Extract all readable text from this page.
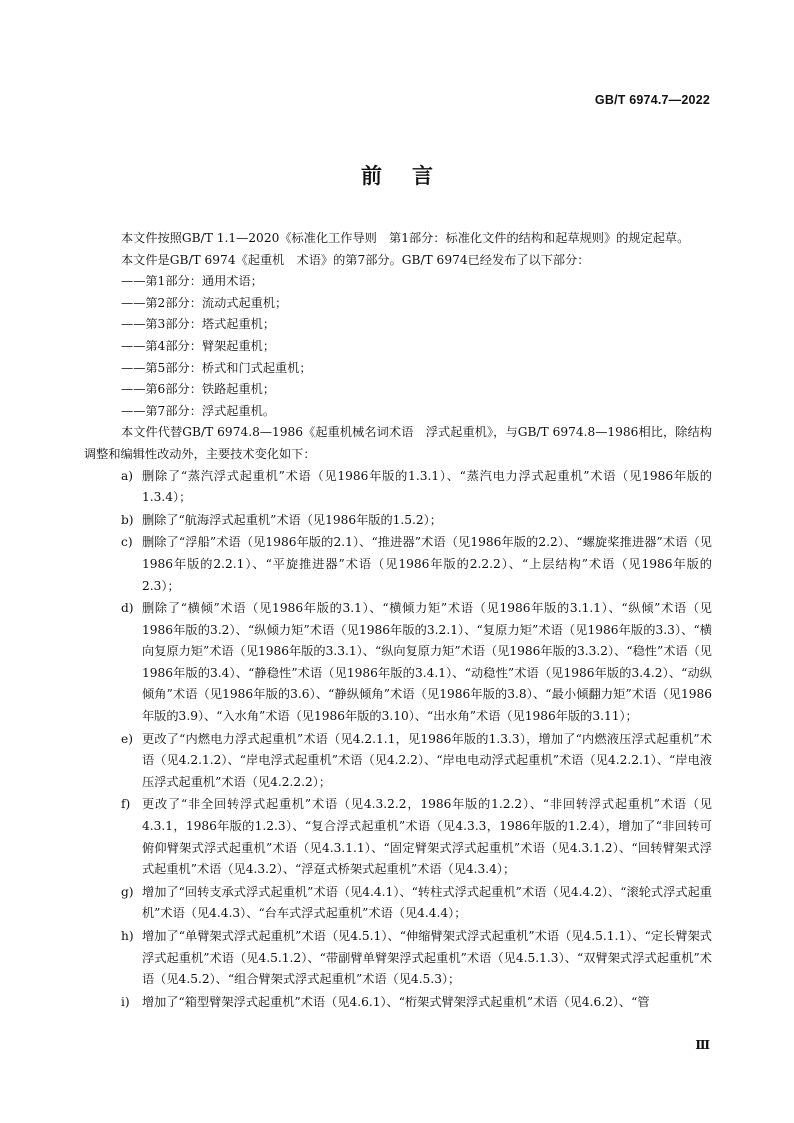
GB/T 6974.7—2022
前言

本文件按照GB/T 1.1—2020《标准化工作导则　第1部分：标准化文件的结构和起草规则》的规定起草。

本文件是GB/T 6974《起重机　术语》的第7部分。GB/T 6974已经发布了以下部分：

——第1部分：通用术语；

——第2部分：流动式起重机；

——第3部分：塔式起重机；

——第4部分：臂架起重机；

——第5部分：桥式和门式起重机；

——第6部分：铁路起重机；

——第7部分：浮式起重机。

本文件代替GB/T 6974.8—1986《起重机械名词术语　浮式起重机》，与GB/T 6974.8—1986相比，除结构调整和编辑性改动外，主要技术变化如下：

a) 删除了“蒸汽浮式起重机”术语（见1986年版的1.3.1）、“蒸汽电力浮式起重机”术语（见1986年版的1.3.4）；
b) 删除了“航海浮式起重机”术语（见1986年版的1.5.2）；
c) 删除了“浮船”术语（见1986年版的2.1）、“推进器”术语（见1986年版的2.2）、“螺旋桨推进器”术语（见1986年版的2.2.1）、“平旋推进器”术语（见1986年版的2.2.2）、“上层结构”术语（见1986年版的2.3）；
d) 删除了“横倾”术语（见1986年版的3.1）、“横倾力矩”术语（见1986年版的3.1.1）、“纵倾”术语（见1986年版的3.2）、“纵倾力矩”术语（见1986年版的3.2.1）、“复原力矩”术语（见1986年版的3.3）、“横向复原力矩”术语（见1986年版的3.3.1）、“纵向复原力矩”术语（见1986年版的3.3.2）、“稳性”术语（见1986年版的3.4）、“静稳性”术语（见1986年版的3.4.1）、“动稳性”术语（见1986年版的3.4.2）、“动纵倾角”术语（见1986年版的3.6）、“静纵倾角”术语（见1986年版的3.8）、“最小倾翻力矩”术语（见1986年版的3.9）、“入水角”术语（见1986年版的3.10）、“出水角”术语（见1986年版的3.11）；
e) 更改了“内燃电力浮式起重机”术语（见4.2.1.1，见1986年版的1.3.3），增加了“内燃液压浮式起重机”术语（见4.2.1.2）、“岸电浮式起重机”术语（见4.2.2）、“岸电电动浮式起重机”术语（见4.2.2.1）、“岸电液压浮式起重机”术语（见4.2.2.2）；
f) 更改了“非全回转浮式起重机”术语（见4.3.2.2，1986年版的1.2.2）、“非回转浮式起重机”术语（见4.3.1，1986年版的1.2.3）、“复合浮式起重机”术语（见4.3.3，1986年版的1.2.4），增加了“非回转可俯仰臂架式浮式起重机”术语（见4.3.1.1）、“固定臂架式浮式起重机”术语（见4.3.1.2）、“回转臂架式浮式起重机”术语（见4.3.2）、“浮趸式桥架式起重机”术语（见4.3.4）；
g) 增加了“回转支承式浮式起重机”术语（见4.4.1）、“转柱式浮式起重机”术语（见4.4.2）、“滚轮式浮式起重机”术语（见4.4.3）、“台车式浮式起重机”术语（见4.4.4）；
h) 增加了“单臂架式浮式起重机”术语（见4.5.1）、“伸缩臂架式浮式起重机”术语（见4.5.1.1）、“定长臂架式浮式起重机”术语（见4.5.1.2）、“带副臂单臂架浮式起重机”术语（见4.5.1.3）、“双臂架式浮式起重机”术语（见4.5.2）、“组合臂架式浮式起重机”术语（见4.5.3）；
i)	增加了“箱型臂架浮式起重机”术语（见4.6.1）、“桁架式臂架浮式起重机”术语（见4.6.2）、“管
Ⅲ
